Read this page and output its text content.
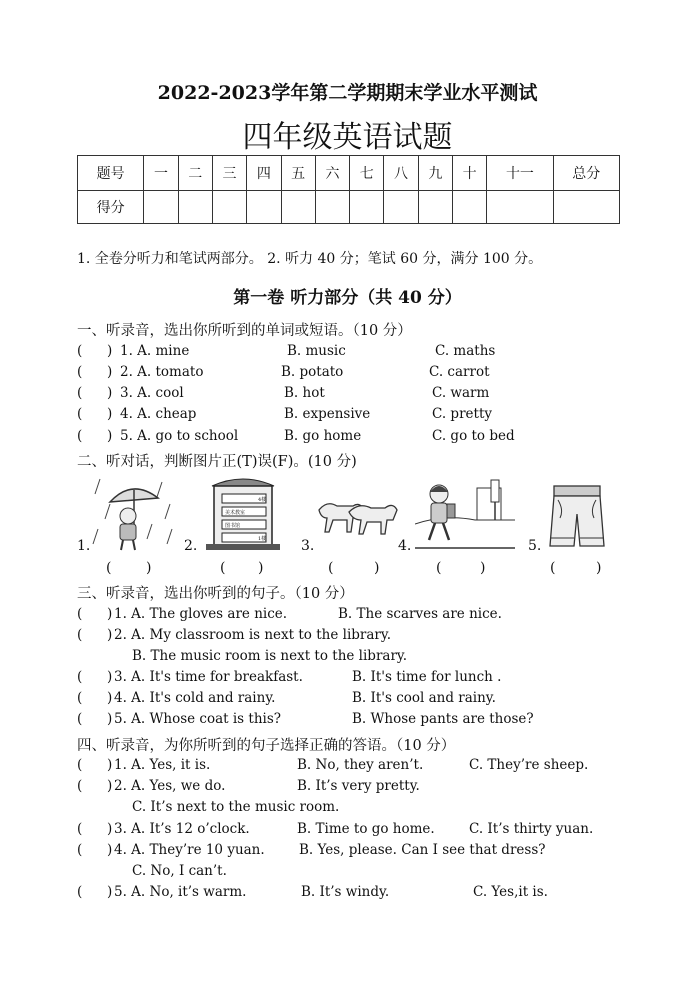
2022-2023学年第二学期期末学业水平测试
四年级英语试题
题号	一	二	三	四	五	六	七	八	九	十	十一	总分
得分												
1. 全卷分听力和笔试两部分。 2. 听力 40 分；笔试 60 分，满分 100 分。
第一卷 听力部分（共 40 分）
一、听录音，选出你所听到的单词或短语。（10 分）
( ) 1. A. mine	B. music	C. maths
( ) 2. A. tomato	B. potato	C. carrot
( ) 3. A. cool	B. hot	C. warm
( ) 4. A. cheap	B. expensive	C. pretty
( ) 5. A. go to school	B. go home	C. go to bed
二、听对话，判断图片正(T)误(F)。(10 分)
1.	2.
4楼
美术教室
图书馆
1楼 3.	4.	5.
( )	( )	(	)	(	)	(	)
三、听录音，选出你听到的句子。（10 分）
( ) 1. A. The gloves are nice.	B. The scarves are nice.
( ) 2. A. My classroom is next to the library.
B. The music room is next to the library.
( ) 3. A. It's time for breakfast.	B. It's time for lunch .
( ) 4. A. It's cold and rainy.	B. It's cool and rainy.
( ) 5. A. Whose coat is this?	B. Whose pants are those?
四、听录音，为你所听到的句子选择正确的答语。（10 分）
( ) 1. A. Yes, it is.	B. No, they aren’t.	C. They’re sheep.
( ) 2. A. Yes, we do.	B. It’s very pretty.
C. It’s next to the music room.
( ) 3. A. It’s 12 o’clock.	B. Time to go home.	C. It’s thirty yuan.
( ) 4. A. They’re 10 yuan.	B. Yes, please. Can I see that dress?
C. No, I can’t.
( ) 5. A. No, it’s warm.	B. It’s windy.	C. Yes,it is.
